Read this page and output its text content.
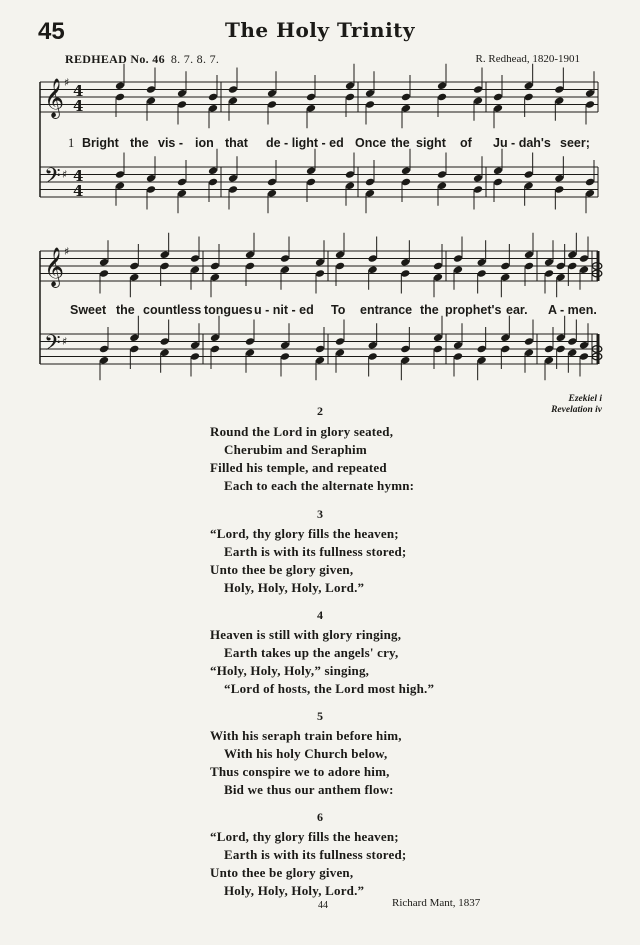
45	The Holy Trinity
REDHEAD No. 46 8. 7. 8. 7.	R. Redhead, 1820-1901
𝄞 ♯ 4
4
𝄢 ♯ 4
4
𝄞 ♯
𝄢 ♯
1 Bright the vis - ion that de - light - ed Once the sight of Ju - dah's seer;
Sweet the countless tongues u - nit - ed To entrance the prophet's ear. A - men.
Ezekiel i
Revelation iv
2
Round the Lord in glory seated,
Cherubim and Seraphim
Filled his temple, and repeated
Each to each the alternate hymn:
3
“Lord, thy glory fills the heaven;
Earth is with its fullness stored;
Unto thee be glory given,
Holy, Holy, Holy, Lord.”
4
Heaven is still with glory ringing,
Earth takes up the angels' cry,
“Holy, Holy, Holy,” singing,
“Lord of hosts, the Lord most high.”
5
With his seraph train before him,
With his holy Church below,
Thus conspire we to adore him,
Bid we thus our anthem flow:
6
“Lord, thy glory fills the heaven;
Earth is with its fullness stored;
Unto thee be glory given,
Holy, Holy, Holy, Lord.”
44	Richard Mant, 1837
